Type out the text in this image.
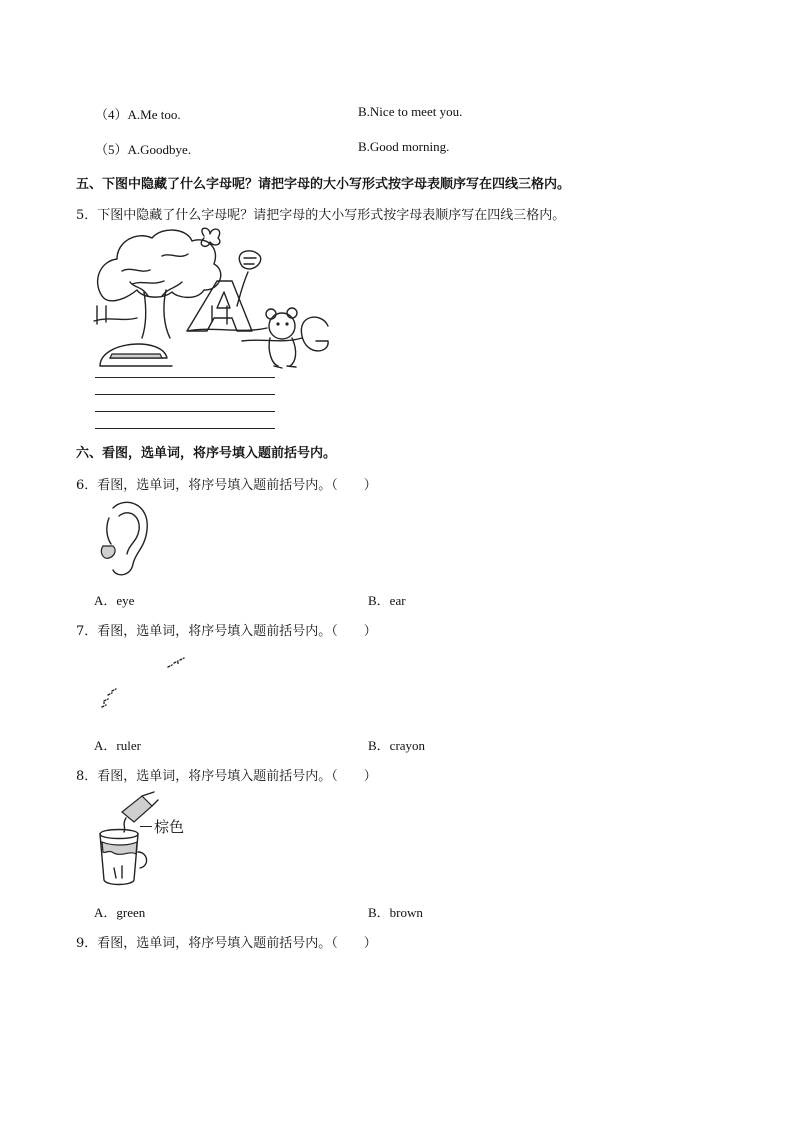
（4）A.Me too.	B.Nice to meet you.
（5）A.Goodbye.	B.Good morning.
五、下图中隐藏了什么字母呢？请把字母的大小写形式按字母表顺序写在四线三格内。
5．下图中隐藏了什么字母呢？请把字母的大小写形式按字母表顺序写在四线三格内。
六、看图，选单词，将序号填入题前括号内。
6．看图，选单词，将序号填入题前括号内。（　　）
A．eye	B．ear
7．看图，选单词，将序号填入题前括号内。（　　）
A．ruler	B．crayon
8．看图，选单词，将序号填入题前括号内。（　　）
棕色
A．green	B．brown
9．看图，选单词，将序号填入题前括号内。（　　）
